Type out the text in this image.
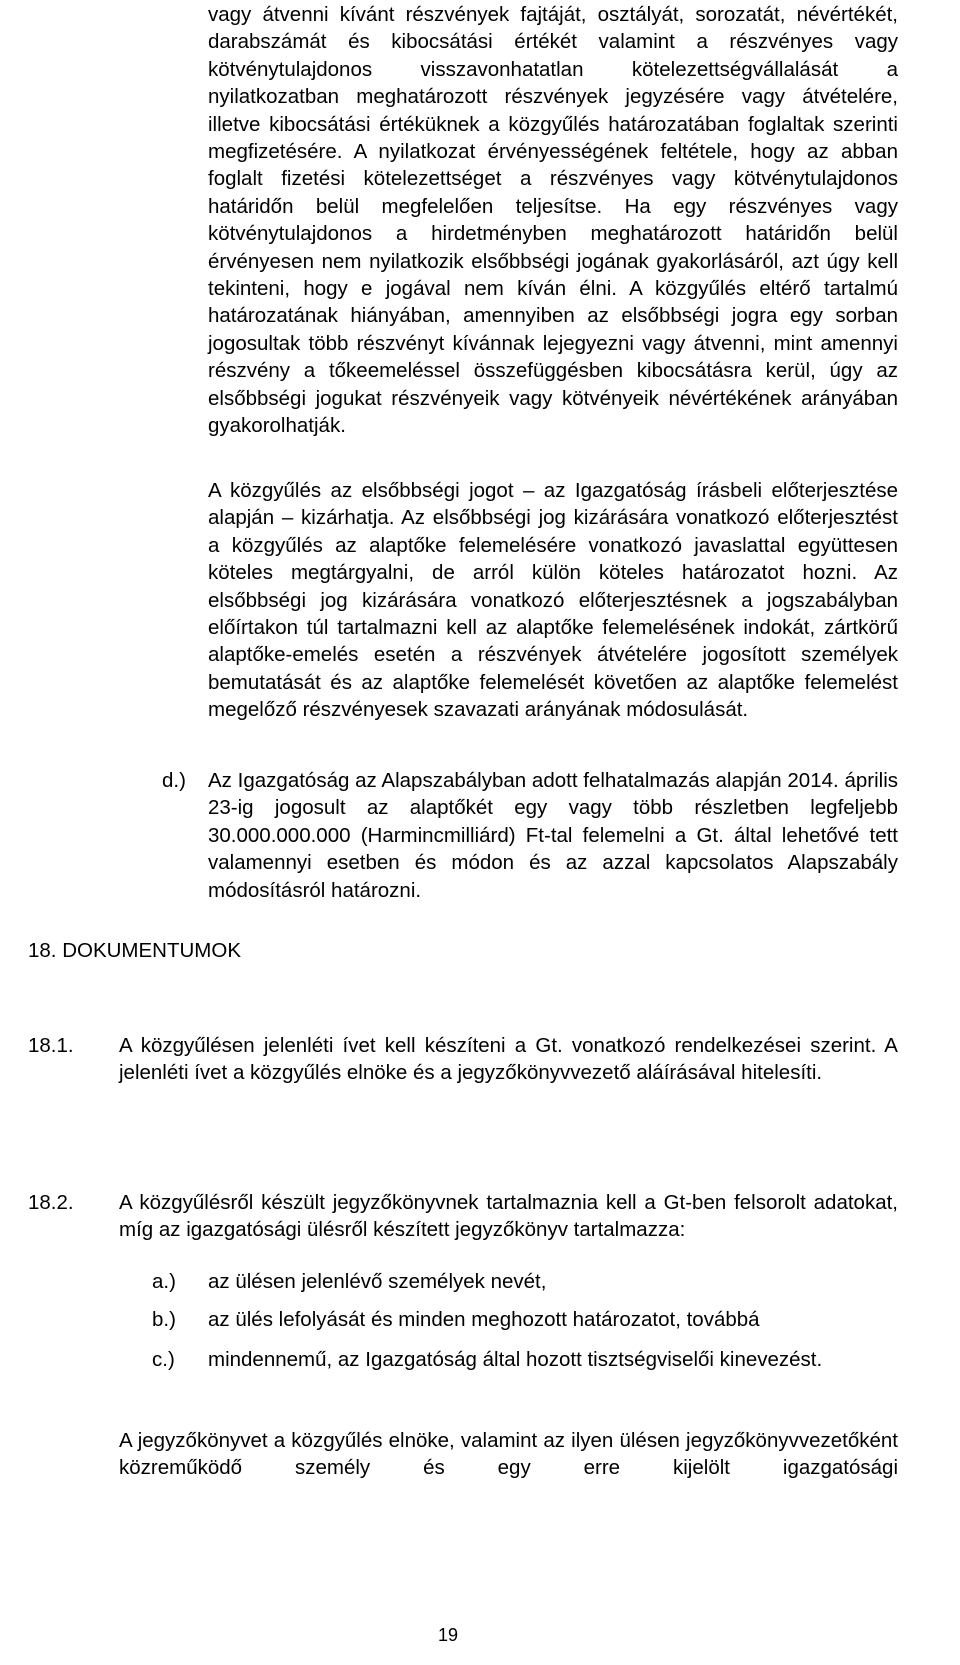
vagy átvenni kívánt részvények fajtáját, osztályát, sorozatát, névértékét, darabszámát és kibocsátási értékét valamint a részvényes vagy kötvénytulajdonos visszavonhatatlan kötelezettségvállalását a nyilatkozatban meghatározott részvények jegyzésére vagy átvételére, illetve kibocsátási értéküknek a közgyűlés határozatában foglaltak szerinti megfizetésére. A nyilatkozat érvényességének feltétele, hogy az abban foglalt fizetési kötelezettséget a részvényes vagy kötvénytulajdonos határidőn belül megfelelően teljesítse. Ha egy részvényes vagy kötvénytulajdonos a hirdetményben meghatározott határidőn belül érvényesen nem nyilatkozik elsőbbségi jogának gyakorlásáról, azt úgy kell tekinteni, hogy e jogával nem kíván élni. A közgyűlés eltérő tartalmú határozatának hiányában, amennyiben az elsőbbségi jogra egy sorban jogosultak több részvényt kívánnak lejegyezni vagy átvenni, mint amennyi részvény a tőkeemeléssel összefüggésben kibocsátásra kerül, úgy az elsőbbségi jogukat részvényeik vagy kötvényeik névértékének arányában gyakorolhatják.

A közgyűlés az elsőbbségi jogot – az Igazgatóság írásbeli előterjesztése alapján – kizárhatja. Az elsőbbségi jog kizárására vonatkozó előterjesztést a közgyűlés az alaptőke felemelésére vonatkozó javaslattal együttesen köteles megtárgyalni, de arról külön köteles határozatot hozni. Az elsőbbségi jog kizárására vonatkozó előterjesztésnek a jogszabályban előírtakon túl tartalmazni kell az alaptőke felemelésének indokát, zártkörű alaptőke-emelés esetén a részvények átvételére jogosított személyek bemutatását és az alaptőke felemelését követően az alaptőke felemelést megelőző részvényesek szavazati arányának módosulását.

d.) Az Igazgatóság az Alapszabályban adott felhatalmazás alapján 2014. április 23-ig jogosult az alaptőkét egy vagy több részletben legfeljebb 30.000.000.000 (Harmincmilliárd) Ft-tal felemelni a Gt. által lehetővé tett valamennyi esetben és módon és az azzal kapcsolatos Alapszabály módosításról határozni.

18. DOKUMENTUMOK
18.1. A közgyűlésen jelenléti ívet kell készíteni a Gt. vonatkozó rendelkezései szerint. A jelenléti ívet a közgyűlés elnöke és a jegyzőkönyvvezető aláírásával hitelesíti.

18.2. A közgyűlésről készült jegyzőkönyvnek tartalmaznia kell a Gt-ben felsorolt adatokat, míg az igazgatósági ülésről készített jegyzőkönyv tartalmazza:

a.) az ülésen jelenlévő személyek nevét,

b.) az ülés lefolyását és minden meghozott határozatot, továbbá

c.) mindennemű, az Igazgatóság által hozott tisztségviselői kinevezést.

A jegyzőkönyvet a közgyűlés elnöke, valamint az ilyen ülésen jegyzőkönyvvezetőként közreműködő személy és egy erre kijelölt igazgatósági

19
